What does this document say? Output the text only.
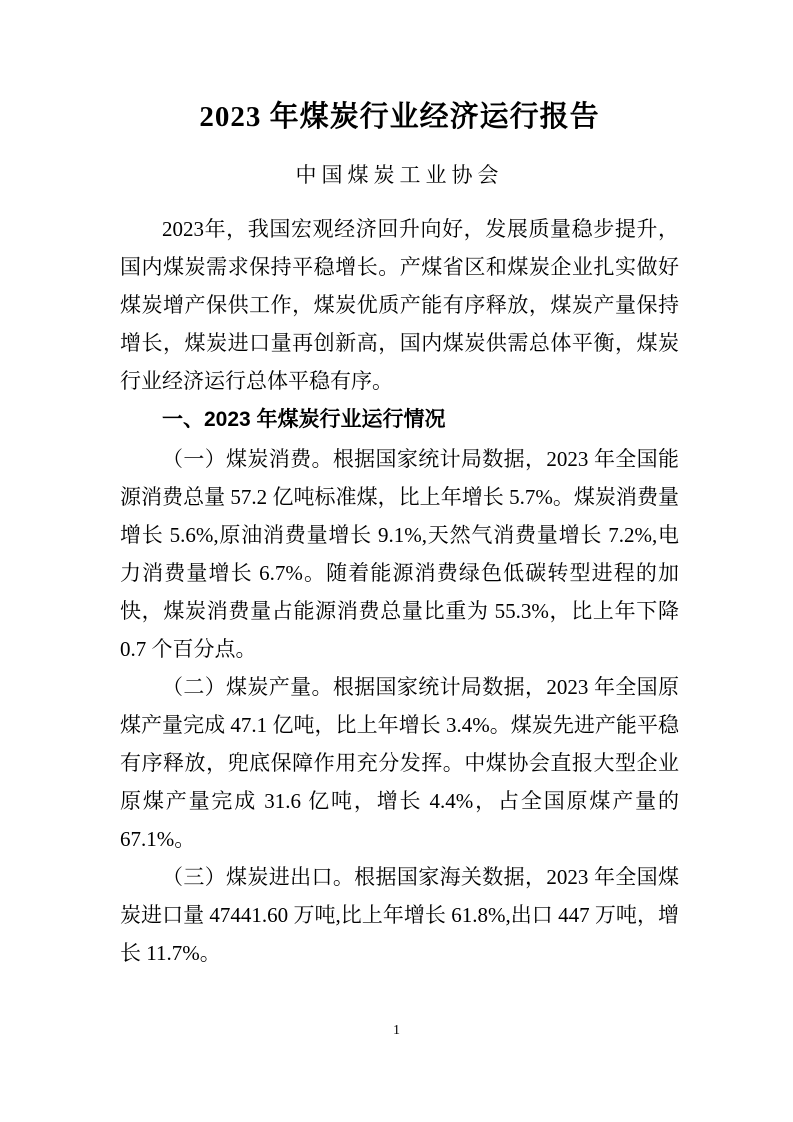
2023 年煤炭行业经济运行报告
中国煤炭工业协会

2023年，我国宏观经济回升向好，发展质量稳步提升，国内煤炭需求保持平稳增长。产煤省区和煤炭企业扎实做好煤炭增产保供工作，煤炭优质产能有序释放，煤炭产量保持增长，煤炭进口量再创新高，国内煤炭供需总体平衡，煤炭行业经济运行总体平稳有序。

一、2023 年煤炭行业运行情况

（一）煤炭消费。根据国家统计局数据，2023 年全国能源消费总量 57.2 亿吨标准煤，比上年增长 5.7%。煤炭消费量增长 5.6%,原油消费量增长 9.1%,天然气消费量增长 7.2%,电力消费量增长 6.7%。随着能源消费绿色低碳转型进程的加快，煤炭消费量占能源消费总量比重为 55.3%，比上年下降 0.7 个百分点。

（二）煤炭产量。根据国家统计局数据，2023 年全国原煤产量完成 47.1 亿吨，比上年增长 3.4%。煤炭先进产能平稳有序释放，兜底保障作用充分发挥。中煤协会直报大型企业原煤产量完成 31.6 亿吨，增长 4.4%，占全国原煤产量的 67.1%。

（三）煤炭进出口。根据国家海关数据，2023 年全国煤炭进口量 47441.60 万吨,比上年增长 61.8%,出口 447 万吨，增长 11.7%。

1
